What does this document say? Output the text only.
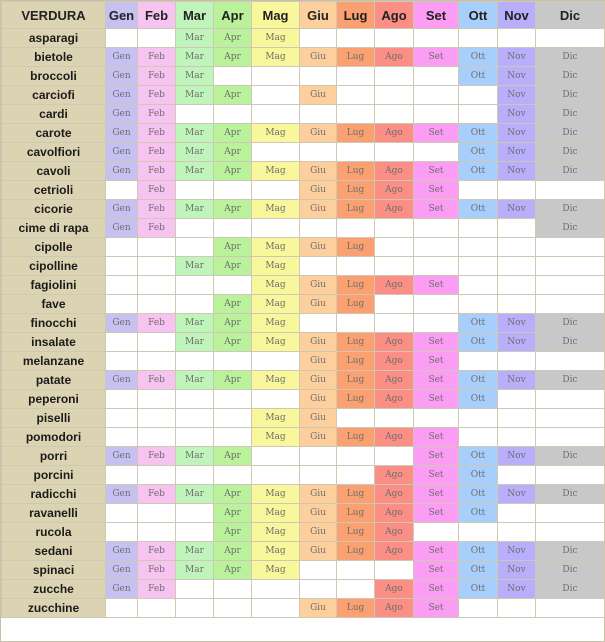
VERDURA	Gen	Feb	Mar	Apr	Mag	Giu	Lug	Ago	Set	Ott	Nov	Dic
asparagi			Mar	Apr	Mag							
bietole	Gen	Feb	Mar	Apr	Mag	Giu	Lug	Ago	Set	Ott	Nov	Dic
broccoli	Gen	Feb	Mar							Ott	Nov	Dic
carciofi	Gen	Feb	Mar	Apr		Giu					Nov	Dic
cardi	Gen	Feb									Nov	Dic
carote	Gen	Feb	Mar	Apr	Mag	Giu	Lug	Ago	Set	Ott	Nov	Dic
cavolfiori	Gen	Feb	Mar	Apr						Ott	Nov	Dic
cavoli	Gen	Feb	Mar	Apr	Mag	Giu	Lug	Ago	Set	Ott	Nov	Dic
cetrioli		Feb				Giu	Lug	Ago	Set			
cicorie	Gen	Feb	Mar	Apr	Mag	Giu	Lug	Ago	Set	Ott	Nov	Dic
cime di rapa	Gen	Feb										Dic
cipolle				Apr	Mag	Giu	Lug					
cipolline			Mar	Apr	Mag							
fagiolini					Mag	Giu	Lug	Ago	Set			
fave				Apr	Mag	Giu	Lug					
finocchi	Gen	Feb	Mar	Apr	Mag					Ott	Nov	Dic
insalate			Mar	Apr	Mag	Giu	Lug	Ago	Set	Ott	Nov	Dic
melanzane						Giu	Lug	Ago	Set			
patate	Gen	Feb	Mar	Apr	Mag	Giu	Lug	Ago	Set	Ott	Nov	Dic
peperoni						Giu	Lug	Ago	Set	Ott		
piselli					Mag	Giu						
pomodori					Mag	Giu	Lug	Ago	Set			
porri	Gen	Feb	Mar	Apr					Set	Ott	Nov	Dic
porcini								Ago	Set	Ott		
radicchi	Gen	Feb	Mar	Apr	Mag	Giu	Lug	Ago	Set	Ott	Nov	Dic
ravanelli				Apr	Mag	Giu	Lug	Ago	Set	Ott		
rucola				Apr	Mag	Giu	Lug	Ago				
sedani	Gen	Feb	Mar	Apr	Mag	Giu	Lug	Ago	Set	Ott	Nov	Dic
spinaci	Gen	Feb	Mar	Apr	Mag				Set	Ott	Nov	Dic
zucche	Gen	Feb						Ago	Set	Ott	Nov	Dic
zucchine						Giu	Lug	Ago	Set			
